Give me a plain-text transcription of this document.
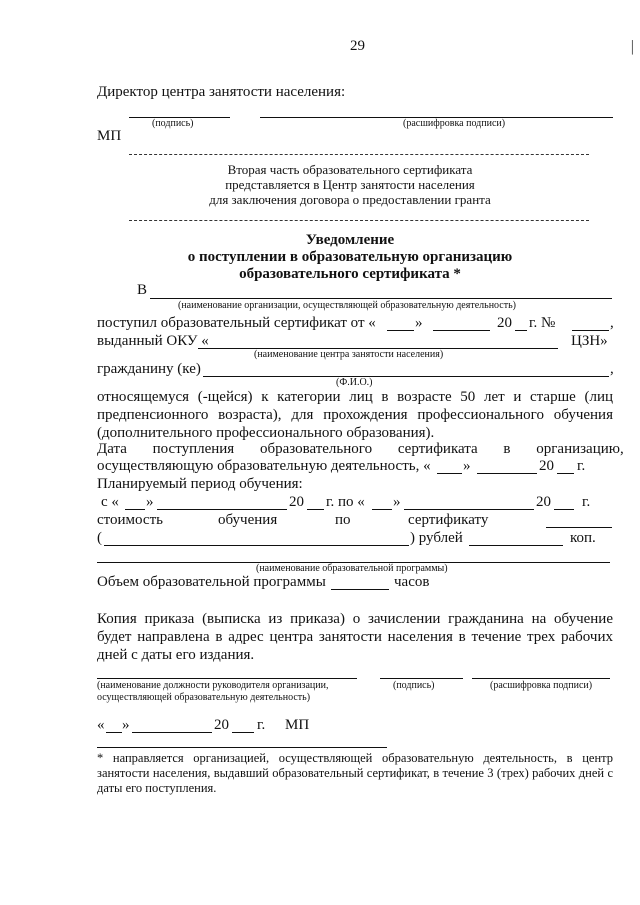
29
Директор центра занятости населения:
(подпись)	(расшифровка подписи)
МП
Вторая часть образовательного сертификата
представляется в Центр занятости населения
для заключения договора о предоставлении гранта
Уведомление
о поступлении в образовательную организацию
образовательного сертификата *
В
(наименование организации, осуществляющей образовательную деятельность)
поступил образовательный сертификат от «	»	20 г. №	,
выданный ОКУ «	ЦЗН»
(наименование центра занятости населения)
гражданину (ке)	,
(Ф.И.О.)
относящемуся (-щейся) к категории лиц в возрасте 50 лет и старше (лиц предпенсионного возраста), для прохождения профессионального обучения (дополнительного профессионального образования).
Дата поступления образовательного сертификата в организацию,
осуществляющую образовательную деятельность, « »	20 г.
Планируемый период обучения:
с « »	20 г. по « »	20 г.
стоимость	обучения	по	сертификату
(	) рублей	коп.
(наименование образовательной программы)
Объем образовательной программы	часов
Копия приказа (выписка из приказа) о зачислении гражданина на обучение будет направлена в адрес центра занятости населения в течение трех рабочих дней с даты его издания.
(наименование должности руководителя организации,
осуществляющей образовательную деятельность)
(подпись)	(расшифровка подписи)
« »	20 г. МП
* направляется организацией, осуществляющей образовательную деятельность, в центр занятости населения, выдавший образовательный сертификат, в течение 3 (трех) рабочих дней с даты его поступления.
│
